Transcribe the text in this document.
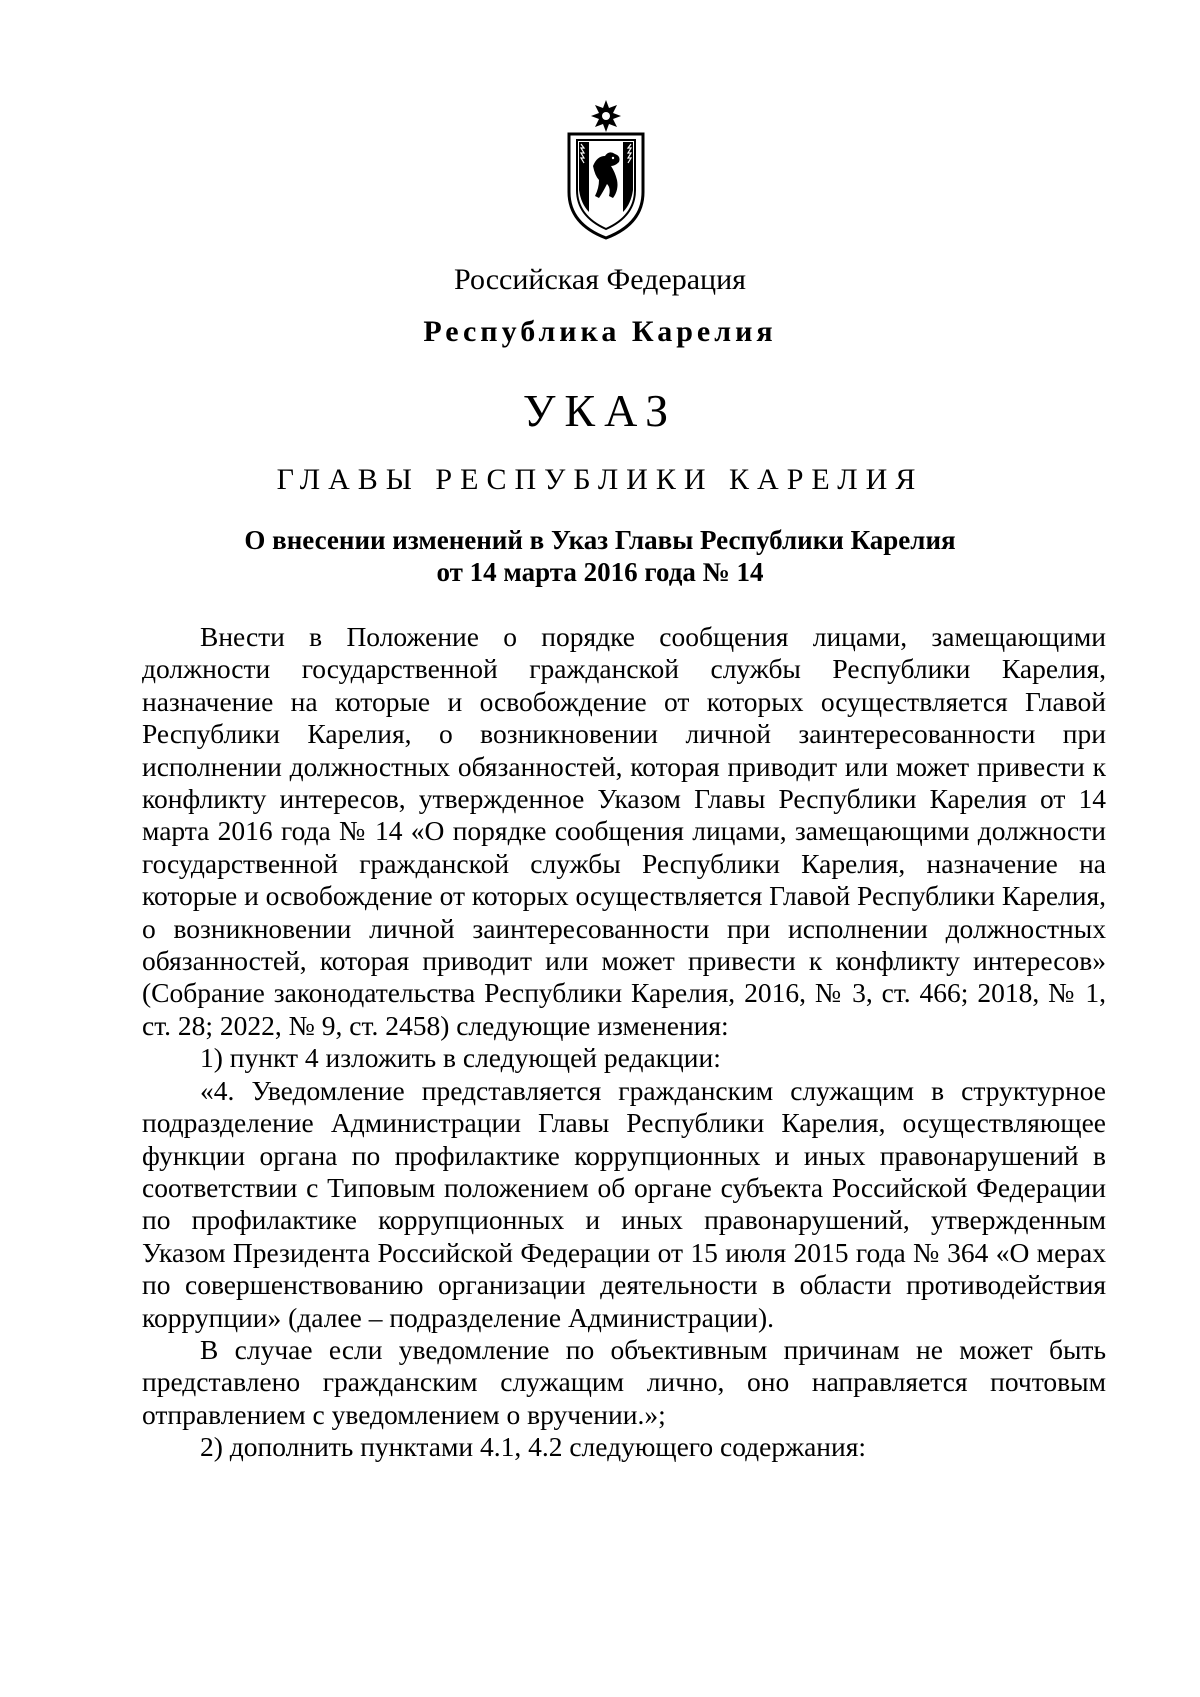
Российская Федерация
Республика Карелия
УКАЗ
ГЛАВЫ РЕСПУБЛИКИ КАРЕЛИЯ
О внесении изменений в Указ Главы Республики Карелия
от 14 марта 2016 года № 14

Внести в Положение о порядке сообщения лицами, замещающими должности государственной гражданской службы Республики Карелия, назначение на которые и освобождение от которых осуществляется Главой Республики Карелия, о возникновении личной заинтересованности при исполнении должностных обязанностей, которая приводит или может привести к конфликту интересов, утвержденное Указом Главы Республики Карелия от 14 марта 2016 года № 14 «О порядке сообщения лицами, замещающими должности государственной гражданской службы Республики Карелия, назначение на которые и освобождение от которых осуществляется Главой Республики Карелия, о возникновении личной заинтересованности при исполнении должностных обязанностей, которая приводит или может привести к конфликту интересов» (Собрание законодательства Республики Карелия, 2016, № 3, ст. 466; 2018, № 1, ст. 28; 2022, № 9, ст. 2458) следующие изменения:

1) пункт 4 изложить в следующей редакции:

«4. Уведомление представляется гражданским служащим в структурное подразделение Администрации Главы Республики Карелия, осуществляющее функции органа по профилактике коррупционных и иных правонарушений в соответствии с Типовым положением об органе субъекта Российской Федерации по профилактике коррупционных и иных правонарушений, утвержденным Указом Президента Российской Федерации от 15 июля 2015 года № 364 «О мерах по совершенствованию организации деятельности в области противодействия коррупции» (далее – подразделение Администрации).

В случае если уведомление по объективным причинам не может быть представлено гражданским служащим лично, оно направляется почтовым отправлением с уведомлением о вручении.»;

2) дополнить пунктами 4.1, 4.2 следующего содержания:
